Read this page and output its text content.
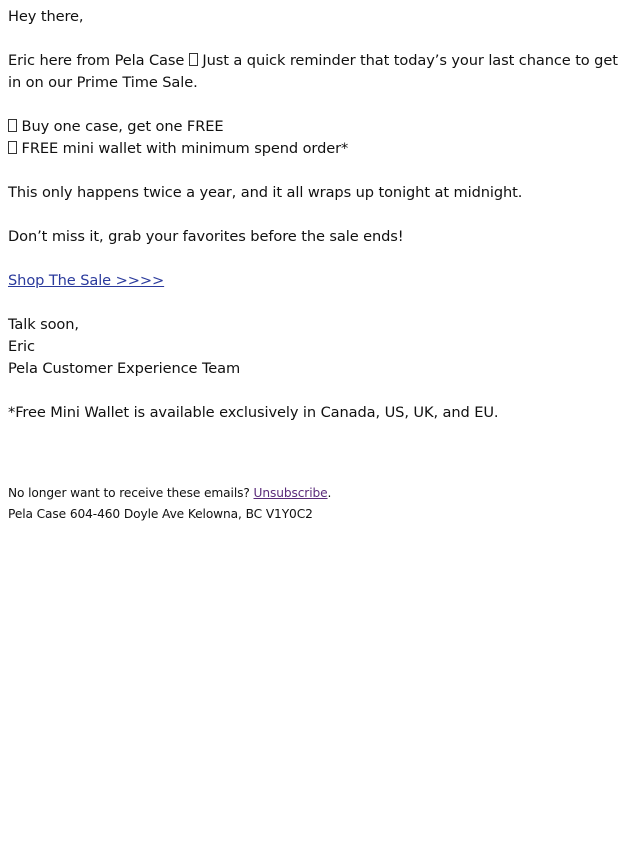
Hey there,

Eric here from Pela Case Just a quick reminder that today’s your last chance to get in on our Prime Time Sale.

Buy one case, get one FREE
FREE mini wallet with minimum spend order*

This only happens twice a year, and it all wraps up tonight at midnight.

Don’t miss it, grab your favorites before the sale ends!

Shop The Sale >>>>

Talk soon,
Eric
Pela Customer Experience Team

*Free Mini Wallet is available exclusively in Canada, US, UK, and EU.

No longer want to receive these emails? Unsubscribe.

Pela Case 604-460 Doyle Ave Kelowna, BC V1Y0C2
